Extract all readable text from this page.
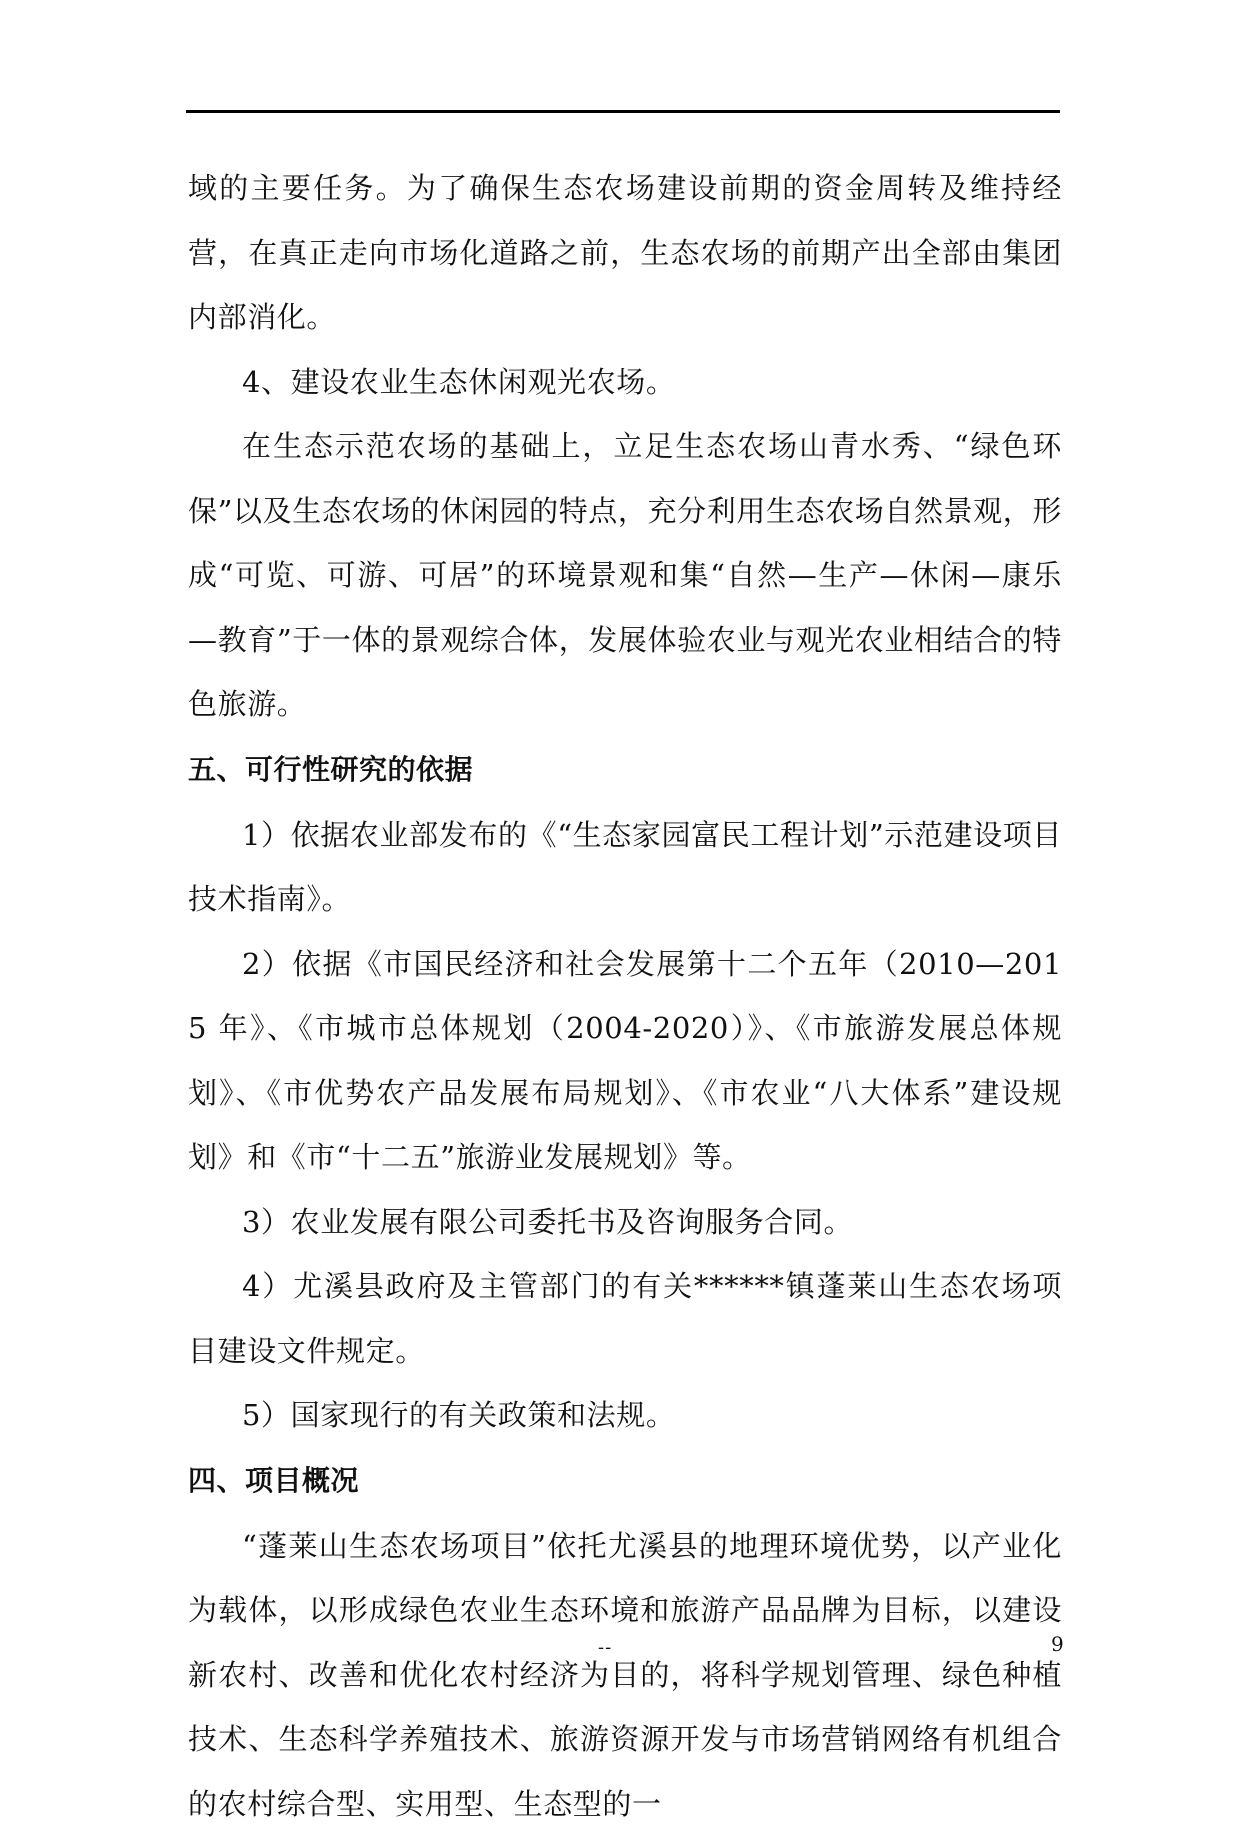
域的主要任务。为了确保生态农场建设前期的资金周转及维持经营，在真正走向市场化道路之前，生态农场的前期产出全部由集团内部消化。

4、建设农业生态休闲观光农场。

在生态示范农场的基础上，立足生态农场山青水秀、“绿色环保”以及生态农场的休闲园的特点，充分利用生态农场自然景观，形成“可览、可游、可居”的环境景观和集“自然—生产—休闲—康乐—教育”于一体的景观综合体，发展体验农业与观光农业相结合的特色旅游。

五、可行性研究的依据

1）依据农业部发布的《“生态家园富民工程计划”示范建设项目技术指南》。

2）依据《市国民经济和社会发展第十二个五年（2010—2015 年》、《市城市总体规划（2004-2020）》、《市旅游发展总体规划》、《市优势农产品发展布局规划》、《市农业“八大体系”建设规划》和《市“十二五”旅游业发展规划》等。

3）农业发展有限公司委托书及咨询服务合同。

4）尤溪县政府及主管部门的有关******镇蓬莱山生态农场项目建设文件规定。

5）国家现行的有关政策和法规。

四、项目概况

“蓬莱山生态农场项目”依托尤溪县的地理环境优势，以产业化为载体，以形成绿色农业生态环境和旅游产品品牌为目标，以建设新农村、改善和优化农村经济为目的，将科学规划管理、绿色种植技术、生态科学养殖技术、旅游资源开发与市场营销网络有机组合的农村综合型、实用型、生态型的一

--	9
